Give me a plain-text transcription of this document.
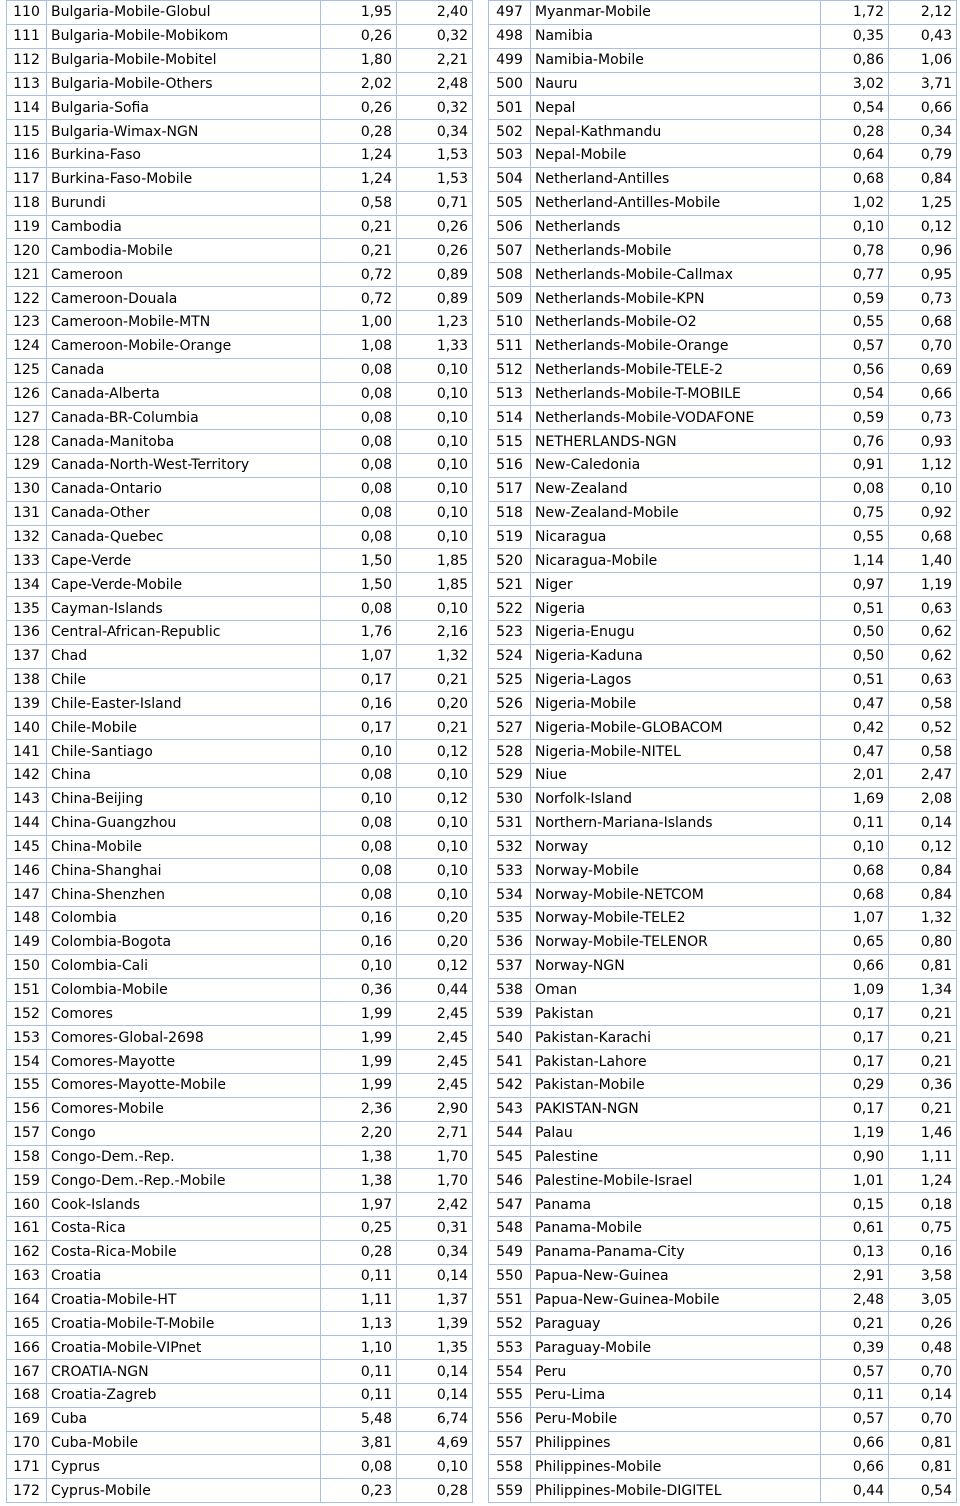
110	Bulgaria-Mobile-Globul	1,95	2,40
111	Bulgaria-Mobile-Mobikom	0,26	0,32
112	Bulgaria-Mobile-Mobitel	1,80	2,21
113	Bulgaria-Mobile-Others	2,02	2,48
114	Bulgaria-Sofia	0,26	0,32
115	Bulgaria-Wimax-NGN	0,28	0,34
116	Burkina-Faso	1,24	1,53
117	Burkina-Faso-Mobile	1,24	1,53
118	Burundi	0,58	0,71
119	Cambodia	0,21	0,26
120	Cambodia-Mobile	0,21	0,26
121	Cameroon	0,72	0,89
122	Cameroon-Douala	0,72	0,89
123	Cameroon-Mobile-MTN	1,00	1,23
124	Cameroon-Mobile-Orange	1,08	1,33
125	Canada	0,08	0,10
126	Canada-Alberta	0,08	0,10
127	Canada-BR-Columbia	0,08	0,10
128	Canada-Manitoba	0,08	0,10
129	Canada-North-West-Territory	0,08	0,10
130	Canada-Ontario	0,08	0,10
131	Canada-Other	0,08	0,10
132	Canada-Quebec	0,08	0,10
133	Cape-Verde	1,50	1,85
134	Cape-Verde-Mobile	1,50	1,85
135	Cayman-Islands	0,08	0,10
136	Central-African-Republic	1,76	2,16
137	Chad	1,07	1,32
138	Chile	0,17	0,21
139	Chile-Easter-Island	0,16	0,20
140	Chile-Mobile	0,17	0,21
141	Chile-Santiago	0,10	0,12
142	China	0,08	0,10
143	China-Beijing	0,10	0,12
144	China-Guangzhou	0,08	0,10
145	China-Mobile	0,08	0,10
146	China-Shanghai	0,08	0,10
147	China-Shenzhen	0,08	0,10
148	Colombia	0,16	0,20
149	Colombia-Bogota	0,16	0,20
150	Colombia-Cali	0,10	0,12
151	Colombia-Mobile	0,36	0,44
152	Comores	1,99	2,45
153	Comores-Global-2698	1,99	2,45
154	Comores-Mayotte	1,99	2,45
155	Comores-Mayotte-Mobile	1,99	2,45
156	Comores-Mobile	2,36	2,90
157	Congo	2,20	2,71
158	Congo-Dem.-Rep.	1,38	1,70
159	Congo-Dem.-Rep.-Mobile	1,38	1,70
160	Cook-Islands	1,97	2,42
161	Costa-Rica	0,25	0,31
162	Costa-Rica-Mobile	0,28	0,34
163	Croatia	0,11	0,14
164	Croatia-Mobile-HT	1,11	1,37
165	Croatia-Mobile-T-Mobile	1,13	1,39
166	Croatia-Mobile-VIPnet	1,10	1,35
167	CROATIA-NGN	0,11	0,14
168	Croatia-Zagreb	0,11	0,14
169	Cuba	5,48	6,74
170	Cuba-Mobile	3,81	4,69
171	Cyprus	0,08	0,10
172	Cyprus-Mobile	0,23	0,28
497	Myanmar-Mobile	1,72	2,12
498	Namibia	0,35	0,43
499	Namibia-Mobile	0,86	1,06
500	Nauru	3,02	3,71
501	Nepal	0,54	0,66
502	Nepal-Kathmandu	0,28	0,34
503	Nepal-Mobile	0,64	0,79
504	Netherland-Antilles	0,68	0,84
505	Netherland-Antilles-Mobile	1,02	1,25
506	Netherlands	0,10	0,12
507	Netherlands-Mobile	0,78	0,96
508	Netherlands-Mobile-Callmax	0,77	0,95
509	Netherlands-Mobile-KPN	0,59	0,73
510	Netherlands-Mobile-O2	0,55	0,68
511	Netherlands-Mobile-Orange	0,57	0,70
512	Netherlands-Mobile-TELE-2	0,56	0,69
513	Netherlands-Mobile-T-MOBILE	0,54	0,66
514	Netherlands-Mobile-VODAFONE	0,59	0,73
515	NETHERLANDS-NGN	0,76	0,93
516	New-Caledonia	0,91	1,12
517	New-Zealand	0,08	0,10
518	New-Zealand-Mobile	0,75	0,92
519	Nicaragua	0,55	0,68
520	Nicaragua-Mobile	1,14	1,40
521	Niger	0,97	1,19
522	Nigeria	0,51	0,63
523	Nigeria-Enugu	0,50	0,62
524	Nigeria-Kaduna	0,50	0,62
525	Nigeria-Lagos	0,51	0,63
526	Nigeria-Mobile	0,47	0,58
527	Nigeria-Mobile-GLOBACOM	0,42	0,52
528	Nigeria-Mobile-NITEL	0,47	0,58
529	Niue	2,01	2,47
530	Norfolk-Island	1,69	2,08
531	Northern-Mariana-Islands	0,11	0,14
532	Norway	0,10	0,12
533	Norway-Mobile	0,68	0,84
534	Norway-Mobile-NETCOM	0,68	0,84
535	Norway-Mobile-TELE2	1,07	1,32
536	Norway-Mobile-TELENOR	0,65	0,80
537	Norway-NGN	0,66	0,81
538	Oman	1,09	1,34
539	Pakistan	0,17	0,21
540	Pakistan-Karachi	0,17	0,21
541	Pakistan-Lahore	0,17	0,21
542	Pakistan-Mobile	0,29	0,36
543	PAKISTAN-NGN	0,17	0,21
544	Palau	1,19	1,46
545	Palestine	0,90	1,11
546	Palestine-Mobile-Israel	1,01	1,24
547	Panama	0,15	0,18
548	Panama-Mobile	0,61	0,75
549	Panama-Panama-City	0,13	0,16
550	Papua-New-Guinea	2,91	3,58
551	Papua-New-Guinea-Mobile	2,48	3,05
552	Paraguay	0,21	0,26
553	Paraguay-Mobile	0,39	0,48
554	Peru	0,57	0,70
555	Peru-Lima	0,11	0,14
556	Peru-Mobile	0,57	0,70
557	Philippines	0,66	0,81
558	Philippines-Mobile	0,66	0,81
559	Philippines-Mobile-DIGITEL	0,44	0,54
